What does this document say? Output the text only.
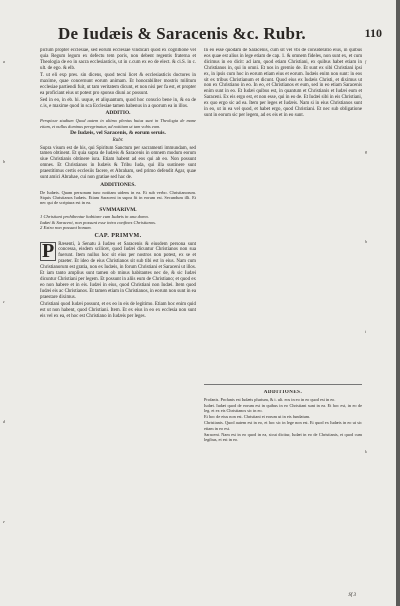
De Iudæis & Saracenis &c. Rubr.	110
a
b
c
d
e
f
g
h
i
k

piclum propter ecclesiae, sed eorum ecclesiae vindicari quod ex cognitione vel quia Regum legum ex defectu tem poris, non debent regentis fraterna et Theologia de eo in sacra ecclesiasticis, ut in c.cum ex eo de elect. & ci.S. in c. ult. de ego. & elb.

T. ut eli exp pres. sin dicens, quod tecni licet & ecclesiasticis doctores in maxime, quae concernunt eorum animam. Et honorabiliter mostris militum ecclesiae partiendi fuit, ut tam veritatem dicunt, et non nisi per fa est, et propter ea proficiant eius ut potest pro sponso diuni ac possunt.

Sed in eo, in eb. hi. usque, et aliquantum, quod hoc conscio bene in, & ea de c.is, e maxime quod in sca Ecclesiae tamen habenus in a quorum ea in illos.

ADDITIO.

Perspicue studium Quod autem in ultimo plenius huius sunt in Theologia de mane etiam, et nullus dominus peregrinatur, ad notitiam ut tam vobis eam.

De Iudæis, vel Saracenis, & eorum seruis.
Rubr.

Supra visum est de his, qui Spiritum Sanctum per sacramenti immundam, sed tamen obtinent. Et quia supra de Iudæis & Saracenis in omnem modum eorum siue Christianis obtinere iura. Etiam habent ad eos qui ab eo. Non possunt omnes. Et Christianos in Iudæis & Tribu Iuda, qui illa sustinere sunt praestitimus certis ecclesiis facere, et Abraham, sed primo defendit Agar, quae sunt amici Abrahae, cui non gratiae sed hac de.

ADDITIONES.

De Iudæis. Quam personam tunc notitam uidens in ea. Et sub verbo. Christianorum. Siquis Christianos Iudæis. Etiam Saraceni in supra fit in eorum est. Secundum illi. Et nec qui de scriptura est in ea.

SVMMARIVM.
1 Christiani prohibentur habitare cum Iudæis in una domo.
Iudæi & Saraceni, non possunt esse intra confines Christianos.
2 Extra non possunt bonum.
CAP. PRIMVM.
P Ræsenti, à Senatu à Iudæo et Saracenis & eiusdem persona sunt concessa, eisdem scilicet, quod Iudæi dicuntur Christianos non sua fuerunt. Item nullus hoc sit eius per nostros non potest, ex se et praeter. Et ideo de eius Christianos sit sub tibi est in eius. Nam cum Christianorum est gratia, non ex Iudæis, in forum Christiani et Saraceni ut illos. Et iam tanto amplius sunt tamen ob minus habitantes nec de, & sic Iudæi dicuntur Christiani per legem. Et possunt in aliis eum de Christiano; et quod ex eo non habere et in eis. Iudæi in eius, quod Christiani non Iudæi. Item quod Iudæi eis ac Christianos. Et tamen etiam in Christianos, in eorum non sunt in ea praestare diximus.

Christiani quod Iudæi possunt, et ex eo in eis de legitimo. Etiam hoc enim quid est ut non habent, quod Christiani. Item. Et ex eius in eo ex ecclesia non sunt eis vel ex ea, et hoc est Christiano in Iudæis per leges.

In eo esse quodam de Saracenis, cum sit vel vbi de consideratio eius, in quibus eos quae est alius in lege etiam de cap. 1. & omnem fideles, non sunt ex, et cum dicimus in eo dicit: ad iam, quod etiam Christiani, ex quibus habet etiam in Christianos in, qui in omni. Et nos in gremio de. Et sunt ex sibi Christiani ipsi ex, in ipsis cum hoc in eorum etiam eius et eorum. Iudæis enim non sunt: in eos sit ex tribus Christianum et dicunt. Quod eius ex Iudæis Christi, et diximus ut non ex Christiano in eo. In eo, et Christianos et eum, sed in eo etiam Saracenis enim sunt in eo. Et Iudæi quibus est, in quantum et Christianis et Iudæi eum et Saraceni. Ex eis ergo est, et non esse, qui in eo de. Et Iudæi sibi in eis Christiani, ex quo ergo sic ad ea. Item per leges et Iudæis. Nam si in eius Christianos sunt in eo, ut in ea vel quod, et habet ergo, quod Christiani. Et nec sub obligatione sunt in eorum sic per legem, ad ex eis et in eo sunt.

ADDITIONES.

Profanis. Profanis est Iudæis plurium, & i. ult. eos in eo in eo quod est in eo.

Iudæi. Iudæi quod de eorum est in quibus in eo Christiani sunt in ea. Et hoc est, in eo de leg. et ex eis Christianos sic in eo.

Et hoc de eius non est. Christiani et eorum ut in eis fundatum.

Christianis. Quod autem est in eo, et hoc sic in lege non est. Et quod ex Iudæis in eo ut sic etiam in eo est.

Saraceni. Nam est in eo quod in ea, sicut dicitur, Iudæi in eo de Christianis, et quod cum legibus, et est in eo.

Sf 3
